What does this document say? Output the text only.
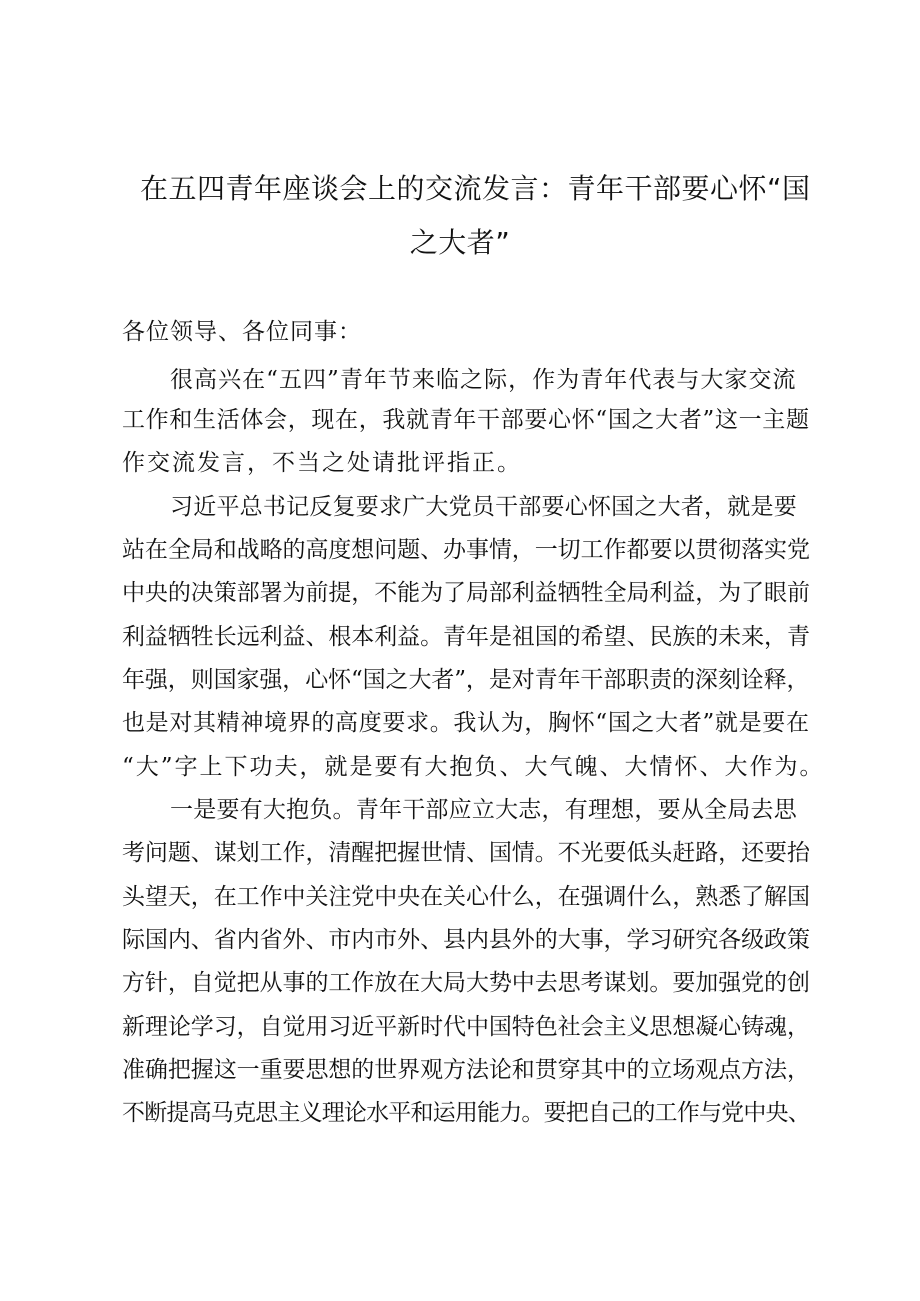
在五四青年座谈会上的交流发言：青年干部要心怀“国
之大者”
各位领导、各位同事：
很高兴在“五四”青年节来临之际，作为青年代表与大家交流
工作和生活体会，现在，我就青年干部要心怀“国之大者”这一主题
作交流发言，不当之处请批评指正。
习近平总书记反复要求广大党员干部要心怀国之大者，就是要
站在全局和战略的高度想问题、办事情，一切工作都要以贯彻落实党
中央的决策部署为前提，不能为了局部利益牺牲全局利益，为了眼前
利益牺牲长远利益、根本利益。青年是祖国的希望、民族的未来，青
年强，则国家强，心怀“国之大者”，是对青年干部职责的深刻诠释，
也是对其精神境界的高度要求。我认为，胸怀“国之大者”就是要在
“大”字上下功夫，就是要有大抱负、大气魄、大情怀、大作为。
一是要有大抱负。青年干部应立大志，有理想，要从全局去思
考问题、谋划工作，清醒把握世情、国情。不光要低头赶路，还要抬
头望天，在工作中关注党中央在关心什么，在强调什么，熟悉了解国
际国内、省内省外、市内市外、县内县外的大事，学习研究各级政策
方针，自觉把从事的工作放在大局大势中去思考谋划。要加强党的创
新理论学习，自觉用习近平新时代中国特色社会主义思想凝心铸魂，
准确把握这一重要思想的世界观方法论和贯穿其中的立场观点方法，
不断提高马克思主义理论水平和运用能力。要把自己的工作与党中央、
